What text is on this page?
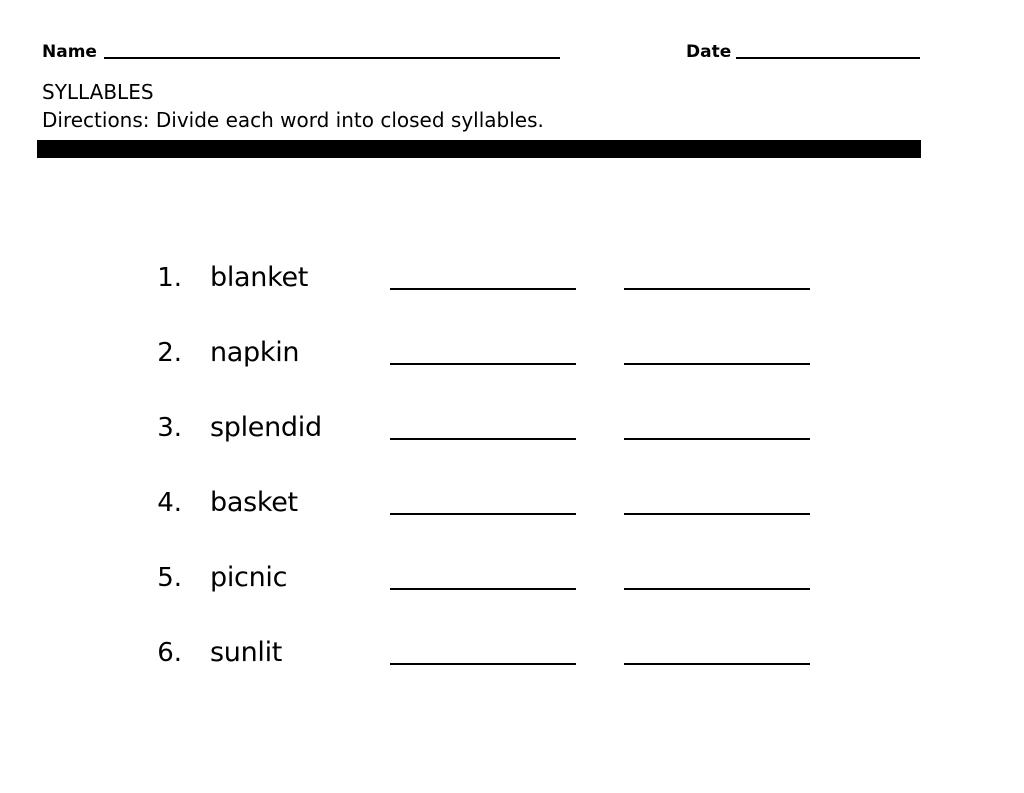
Name	Date
SYLLABLES
Directions: Divide each word into closed syllables.
1. blanket
2. napkin
3. splendid
4. basket
5. picnic
6. sunlit
